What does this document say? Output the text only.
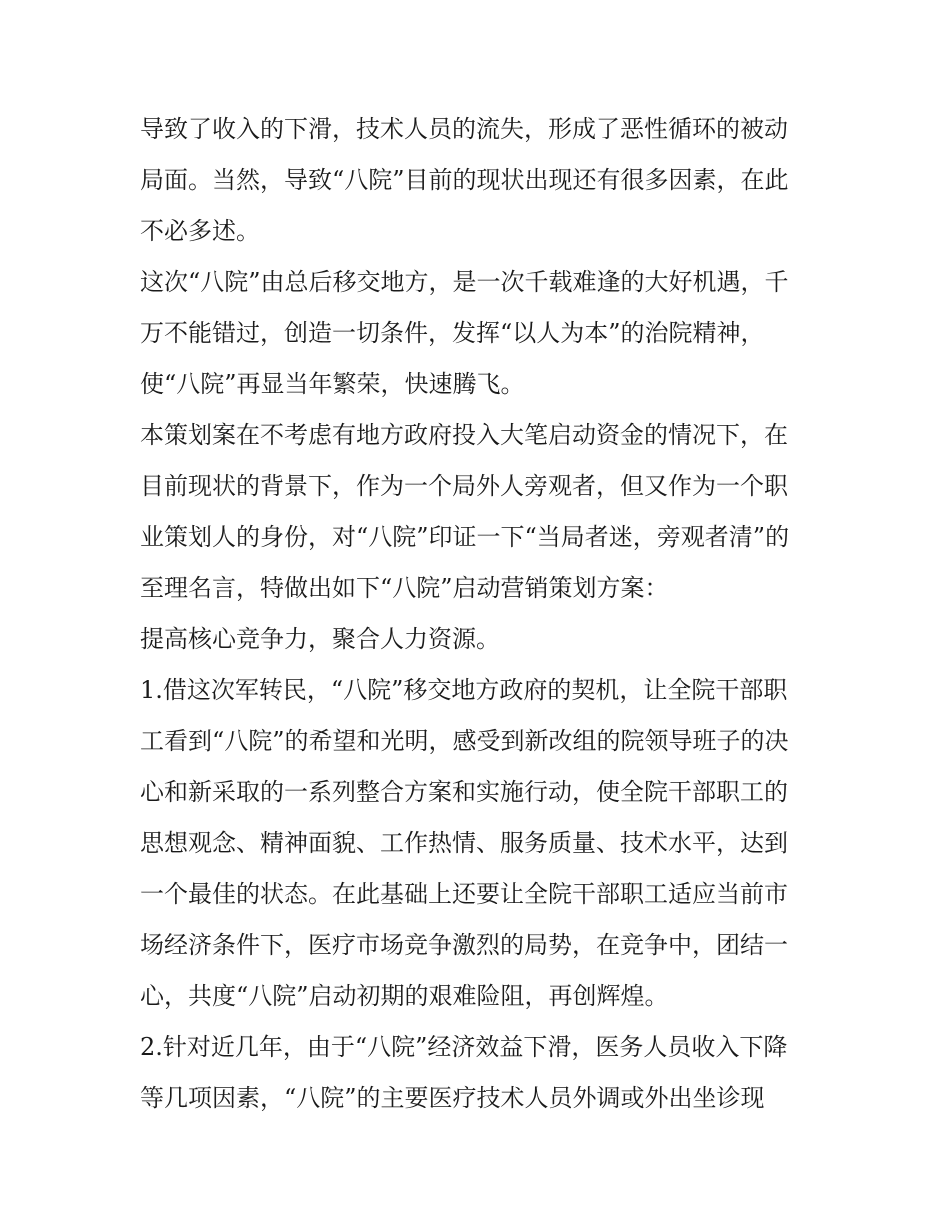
导致了收入的下滑，技术人员的流失，形成了恶性循环的被动
局面。当然，导致“八院”目前的现状出现还有很多因素，在此
不必多述。
这次“八院”由总后移交地方，是一次千载难逢的大好机遇，千
万不能错过，创造一切条件，发挥“以人为本”的治院精神，
使“八院”再显当年繁荣，快速腾飞。
本策划案在不考虑有地方政府投入大笔启动资金的情况下，在
目前现状的背景下，作为一个局外人旁观者，但又作为一个职
业策划人的身份，对“八院”印证一下“当局者迷，旁观者清”的
至理名言，特做出如下“八院”启动营销策划方案：
提高核心竞争力，聚合人力资源。
1.借这次军转民，“八院”移交地方政府的契机，让全院干部职
工看到“八院”的希望和光明，感受到新改组的院领导班子的决
心和新采取的一系列整合方案和实施行动，使全院干部职工的
思想观念、精神面貌、工作热情、服务质量、技术水平，达到
一个最佳的状态。在此基础上还要让全院干部职工适应当前市
场经济条件下，医疗市场竞争激烈的局势，在竞争中，团结一
心，共度“八院”启动初期的艰难险阻，再创辉煌。
2.针对近几年，由于“八院”经济效益下滑，医务人员收入下降
等几项因素，“八院”的主要医疗技术人员外调或外出坐诊现
